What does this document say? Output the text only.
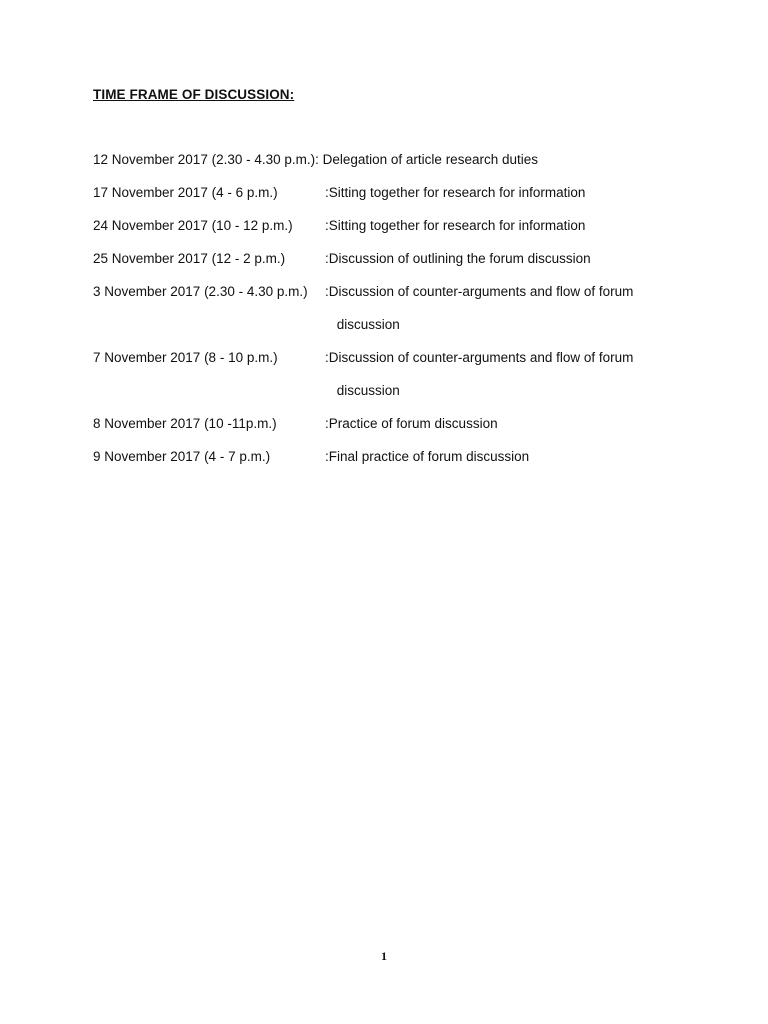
TIME FRAME OF DISCUSSION:
12 November 2017 (2.30 - 4.30 p.m.): Delegation of article research duties
17 November 2017 (4 - 6 p.m.)	: Sitting together for research for information
24 November 2017 (10 - 12 p.m.)	: Sitting together for research for information
25 November 2017 (12 - 2 p.m.)	: Discussion of outlining the forum discussion
3 November 2017 (2.30 - 4.30 p.m.)	: Discussion of counter-arguments and flow of forum
discussion
7 November 2017 (8 - 10 p.m.)	: Discussion of counter-arguments and flow of forum
discussion
8 November 2017 (10 -11p.m.)	: Practice of forum discussion
9 November 2017 (4 - 7 p.m.)	: Final practice of forum discussion
1
